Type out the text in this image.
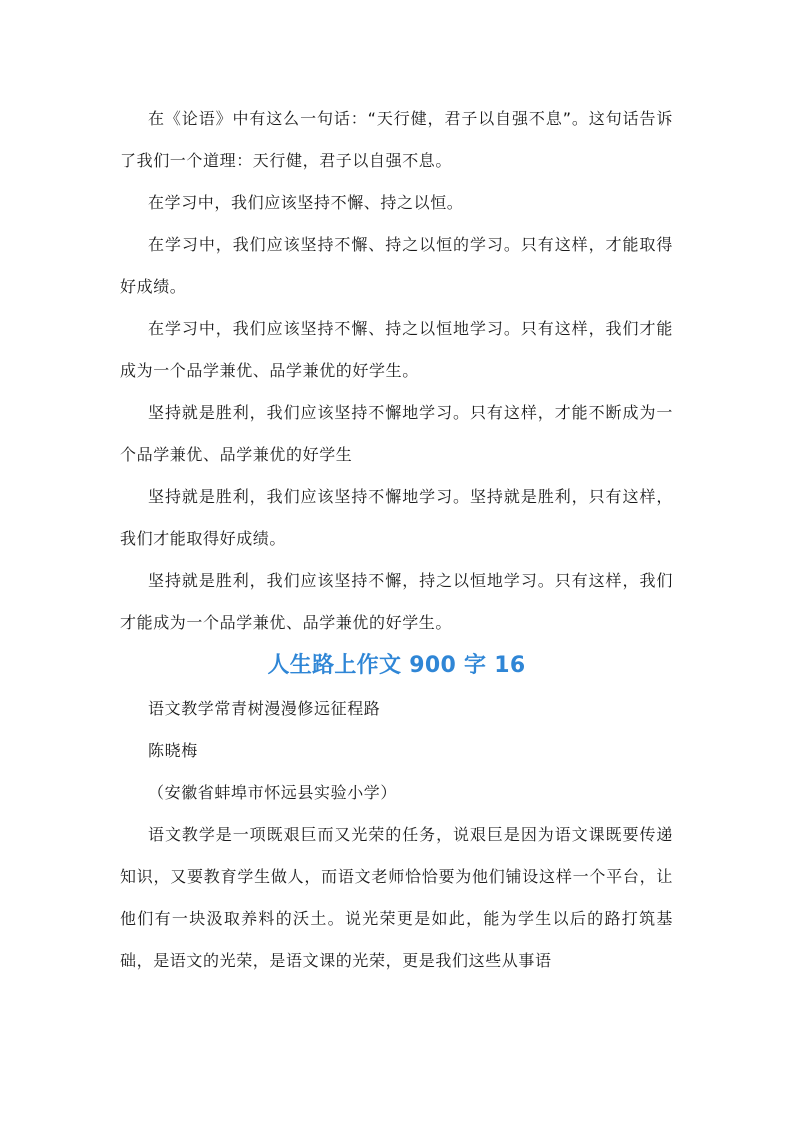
在《论语》中有这么一句话：“天行健，君子以自强不息”。这句话告诉了我们一个道理：天行健，君子以自强不息。

在学习中，我们应该坚持不懈、持之以恒。

在学习中，我们应该坚持不懈、持之以恒的学习。只有这样，才能取得好成绩。

在学习中，我们应该坚持不懈、持之以恒地学习。只有这样，我们才能成为一个品学兼优、品学兼优的好学生。

坚持就是胜利，我们应该坚持不懈地学习。只有这样，才能不断成为一个品学兼优、品学兼优的好学生

坚持就是胜利，我们应该坚持不懈地学习。坚持就是胜利，只有这样，我们才能取得好成绩。

坚持就是胜利，我们应该坚持不懈，持之以恒地学习。只有这样，我们才能成为一个品学兼优、品学兼优的好学生。

人生路上作文 900 字 16

语文教学常青树漫漫修远征程路

陈晓梅

（安徽省蚌埠市怀远县实验小学）

语文教学是一项既艰巨而又光荣的任务，说艰巨是因为语文课既要传递知识，又要教育学生做人，而语文老师恰恰要为他们铺设这样一个平台，让他们有一块汲取养料的沃土。说光荣更是如此，能为学生以后的路打筑基础，是语文的光荣，是语文课的光荣，更是我们这些从事语
